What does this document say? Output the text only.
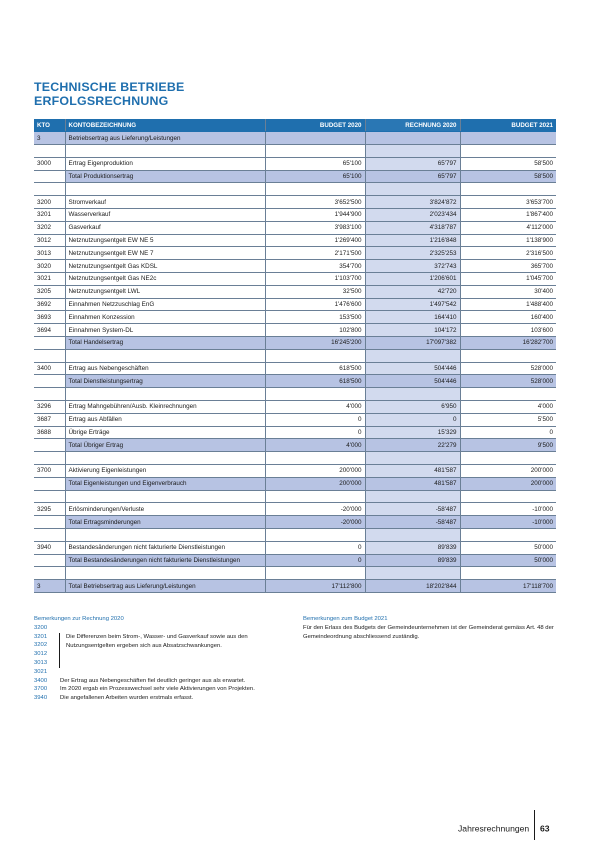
TECHNISCHE BETRIEBE
ERFOLGSRECHNUNG
KTO	KONTOBEZEICHNUNG	BUDGET 2020	RECHNUNG 2020	BUDGET 2021
3	Betriebsertrag aus Lieferung/Leistungen			

3000	Ertrag Eigenproduktion	65'100	65'797	58'500
	Total Produktionsertrag	65'100	65'797	58'500

3200	Stromverkauf	3'652'500	3'824'872	3'653'700
3201	Wasserverkauf	1'944'900	2'023'434	1'867'400
3202	Gasverkauf	3'983'100	4'318'787	4'112'000
3012	Netznutzungsentgelt EW NE 5	1'269'400	1'216'848	1'138'900
3013	Netznutzungsentgelt EW NE 7	2'171'500	2'325'253	2'316'500
3020	Netznutzungsentgelt Gas KDSL	354'700	372'743	365'700
3021	Netznutzungsentgelt Gas NE2c	1'103'700	1'206'601	1'045'700
3205	Netznutzungsentgelt LWL	32'500	42'720	30'400
3692	Einnahmen Netzzuschlag EnG	1'476'600	1'497'542	1'488'400
3693	Einnahmen Konzession	153'500	164'410	160'400
3694	Einnahmen System-DL	102'800	104'172	103'600
	Total Handelsertrag	16'245'200	17'097'382	16'282'700

3400	Ertrag aus Nebengeschäften	618'500	504'446	528'000
	Total Dienstleistungsertrag	618'500	504'446	528'000

3296	Ertrag Mahngebühren/Ausb. Kleinrechnungen	4'000	6'950	4'000
3687	Ertrag aus Abfällen	0	0	5'500
3688	Übrige Erträge	0	15'329	0
	Total Übriger Ertrag	4'000	22'279	9'500

3700	Aktivierung Eigenleistungen	200'000	481'587	200'000
	Total Eigenleistungen und Eigenverbrauch	200'000	481'587	200'000

3295	Erlösminderungen/Verluste	-20'000	-58'487	-10'000
	Total Ertragsminderungen	-20'000	-58'487	-10'000

3940	Bestandesänderungen nicht fakturierte Dienstleistungen	0	89'839	50'000
	Total Bestandesänderungen nicht fakturierte Dienstleistungen	0	89'839	50'000

3	Total Betriebsertrag aus Lieferung/Leistungen	17'112'800	18'202'844	17'118'700
Bemerkungen zur Rechnung 2020
3200
3201
3202
3012
3013
3021
Die Differenzen beim Strom-, Wasser- und Gasverkauf sowie aus den Nutzungsentgelten ergeben sich aus Absatzschwankungen.
3400	Der Ertrag aus Nebengeschäften fiel deutlich geringer aus als erwartet.
3700	Im 2020 ergab ein Prozesswechsel sehr viele Aktivierungen von Projekten.
3940	Die angefallenen Arbeiten wurden erstmals erfasst.
Bemerkungen zum Budget 2021
Für den Erlass des Budgets der Gemeindeunternehmen ist der Gemeinderat gemäss Art. 48 der Gemeindeordnung abschliessend zuständig.
Jahresrechnungen 63
